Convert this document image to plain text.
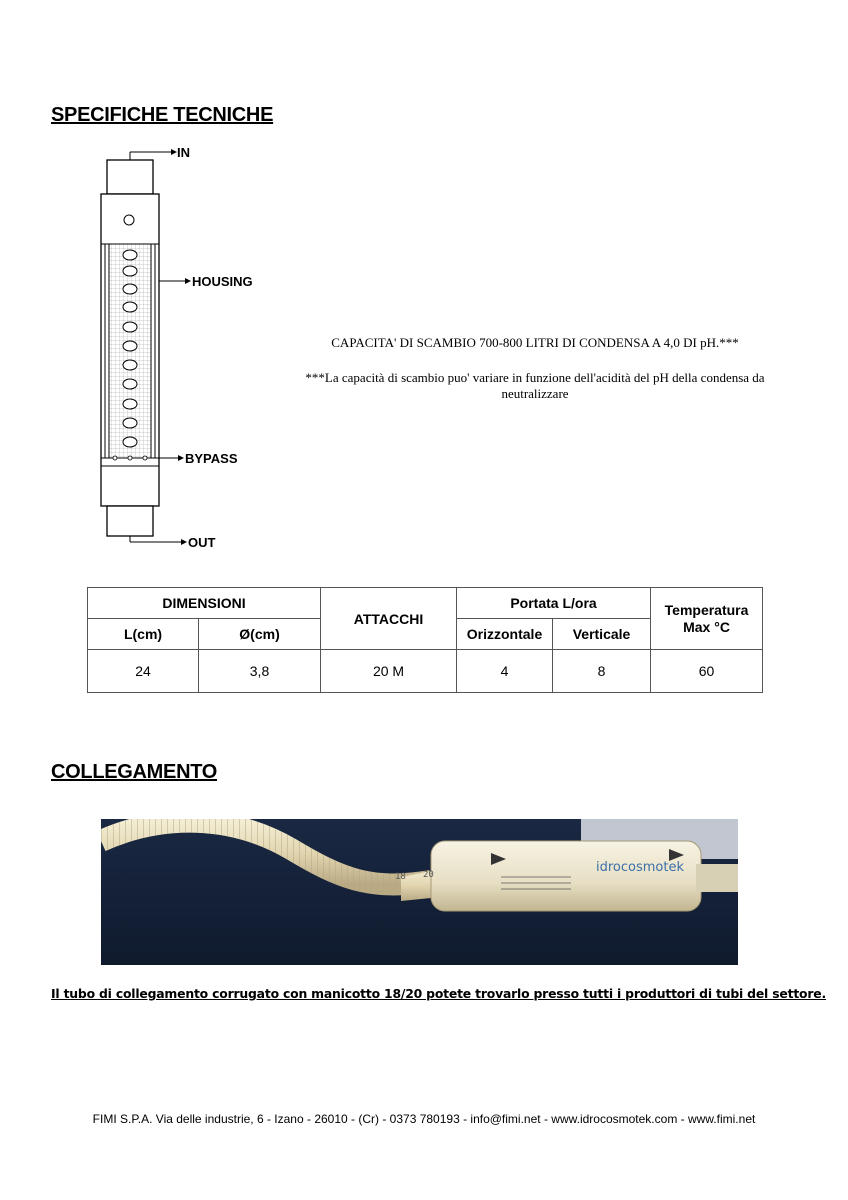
SPECIFICHE TECNICHE
IN
HOUSING
BYPASS
OUT
CAPACITA' DI SCAMBIO 700-800 LITRI DI CONDENSA A 4,0 DI pH.***
***La capacità di scambio puo' variare in funzione dell'acidità del pH della condensa da neutralizzare
DIMENSIONI		ATTACCHI	Portata L/ora		Temperatura Max °C
L(cm)	Ø(cm)		Orizzontale	Verticale	
24	3,8	20 M	4	8	60
COLLEGAMENTO
18 20	idrocosmotek
Il tubo di collegamento corrugato con manicotto 18/20 potete trovarlo presso tutti i produttori di tubi del settore.
FIMI S.P.A. Via delle industrie, 6 - Izano - 26010 - (Cr) - 0373 780193 - info@fimi.net - www.idrocosmotek.com - www.fimi.net
